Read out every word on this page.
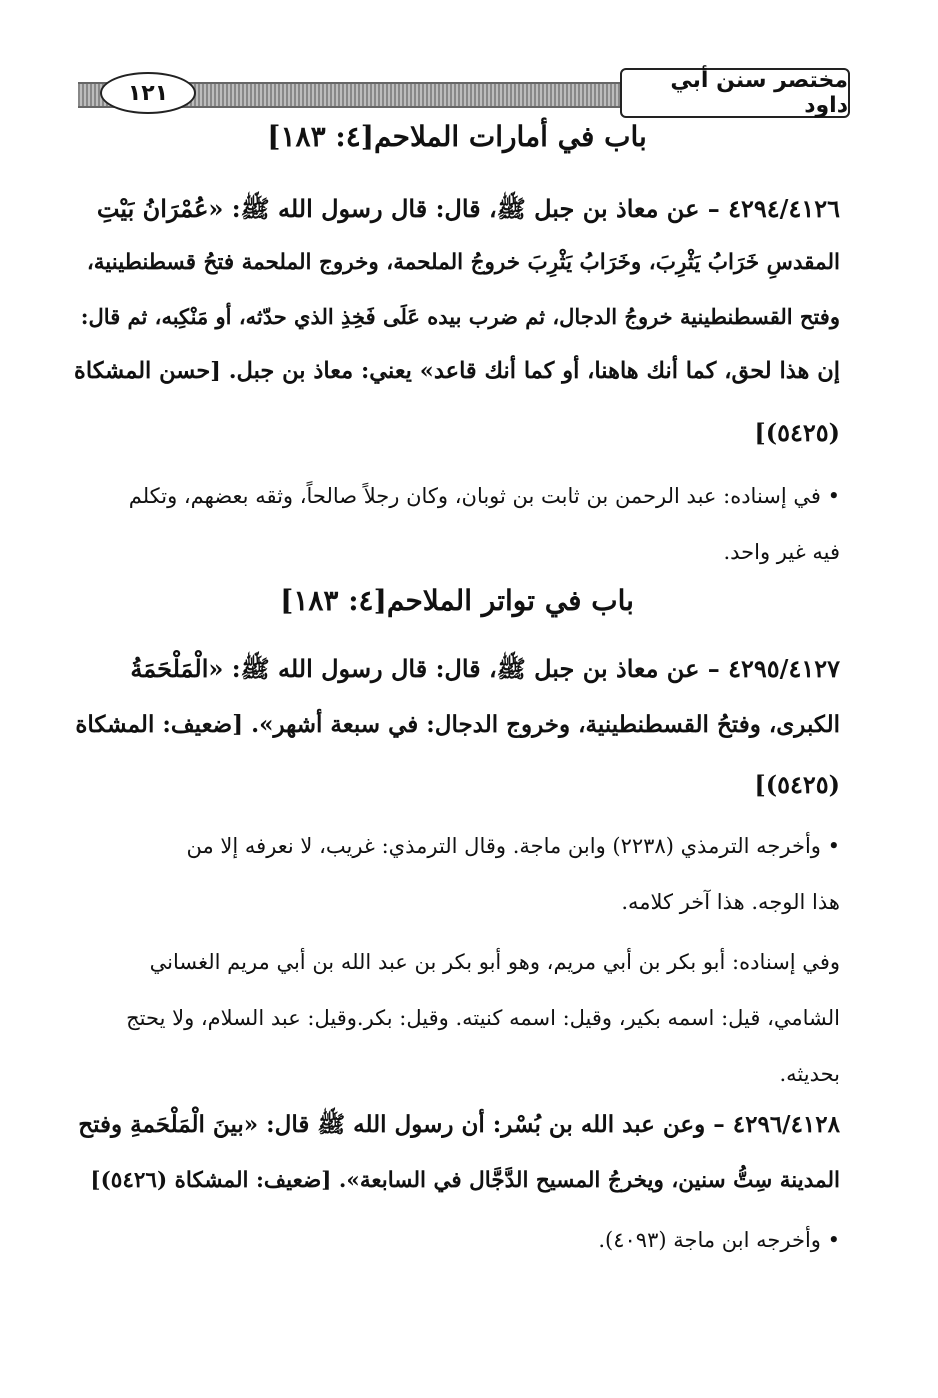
١٢١	مختصر سنن أبي داود
باب في أمارات الملاحم[٤: ١٨٣]
٤٢٩٤/٤١٢٦ – عن معاذ بن جبل ﷺ، قال: قال رسول الله ﷺ: «عُمْرَانُ بَيْتِ
المقدسِ خَرَابُ يَثْرِبَ، وخَرَابُ يَثْرِبَ خروجُ الملحمة، وخروج الملحمة فتحُ قسطنطينية،
وفتح القسطنطينية خروجُ الدجال، ثم ضرب بيده عَلَى فَخِذِ الذي حدّثه، أو مَنْكِبه، ثم قال:
إن هذا لحق، كما أنك هاهنا، أو كما أنك قاعد» يعني: معاذ بن جبل. [حسن المشكاة
(٥٤٢٥)]
• في إسناده: عبد الرحمن بن ثابت بن ثوبان، وكان رجلاً صالحاً، وثقه بعضهم، وتكلم
فيه غير واحد.
باب في تواتر الملاحم[٤: ١٨٣]
٤٢٩٥/٤١٢٧ – عن معاذ بن جبل ﷺ، قال: قال رسول الله ﷺ: «الْمَلْحَمَةُ
الكبرى، وفتحُ القسطنطينية، وخروج الدجال: في سبعة أشهر». [ضعيف: المشكاة
(٥٤٢٥)]
• وأخرجه الترمذي (٢٢٣٨) وابن ماجة. وقال الترمذي: غريب، لا نعرفه إلا من
هذا الوجه. هذا آخر كلامه.
وفي إسناده: أبو بكر بن أبي مريم، وهو أبو بكر بن عبد الله بن أبي مريم الغساني
الشامي، قيل: اسمه بكير، وقيل: اسمه كنيته. وقيل: بكر.وقيل: عبد السلام، ولا يحتج
بحديثه.
٤٢٩٦/٤١٢٨ – وعن عبد الله بن بُسْر: أن رسول الله ﷺ قال: «بينَ الْمَلْحَمةِ وفتح
المدينة سِتُّ سنين، ويخرجُ المسيح الدَّجَّال في السابعة». [ضعيف: المشكاة (٥٤٢٦)]
• وأخرجه ابن ماجة (٤٠٩٣).
